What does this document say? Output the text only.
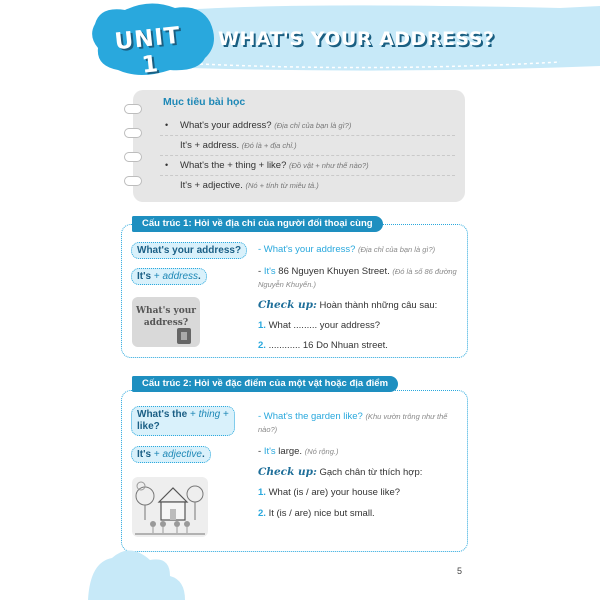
UNIT 1
WHAT'S YOUR ADDRESS?
Mục tiêu bài học
• What's your address? (Địa chỉ của bạn là gì?)
It's + address. (Đó là + địa chỉ.)
• What's the + thing + like? (Đồ vật + như thế nào?)
It's + adjective. (Nó + tính từ miêu tả.)
Cấu trúc 1: Hỏi về địa chỉ của người đối thoại cùng
What's your address?
It's + address.
What's your
address?
- What's your address? (Địa chỉ của bạn là gì?)
- It's 86 Nguyen Khuyen Street. (Đó là số 86 đường Nguyễn Khuyến.)
Check up: Hoàn thành những câu sau:
1. What ......... your address?
2. ............ 16 Do Nhuan street.
Cấu trúc 2: Hỏi về đặc điểm của một vật hoặc địa điểm
What's the + thing + like?
It's + adjective.
- What's the garden like? (Khu vườn trông như thế nào?)
- It's large. (Nó rộng.)
Check up: Gạch chân từ thích hợp:
1. What (is / are) your house like?
2. It (is / are) nice but small.
5
